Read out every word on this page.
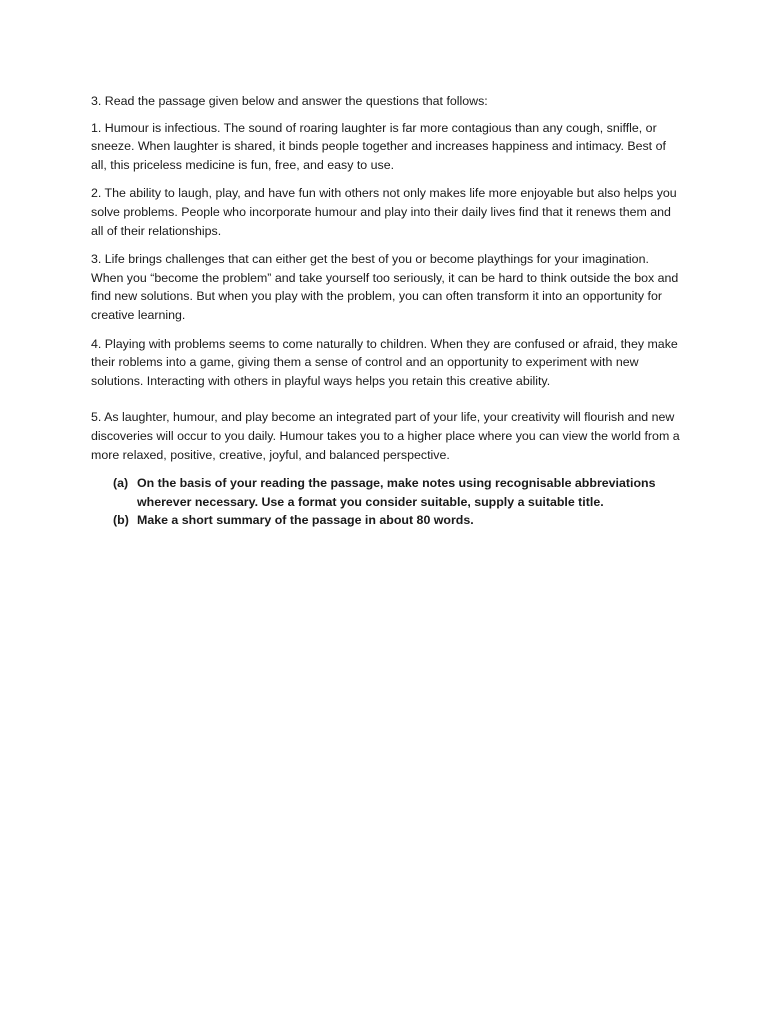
3. Read the passage given below and answer the questions that follows:

1. Humour is infectious. The sound of roaring laughter is far more contagious than any cough, sniffle, or sneeze. When laughter is shared, it binds people together and increases happiness and intimacy. Best of all, this priceless medicine is fun, free, and easy to use.

2. The ability to laugh, play, and have fun with others not only makes life more enjoyable but also helps you solve problems. People who incorporate humour and play into their daily lives find that it renews them and all of their relationships.

3. Life brings challenges that can either get the best of you or become playthings for your imagination. When you “become the problem” and take yourself too seriously, it can be hard to think outside the box and find new solutions. But when you play with the problem, you can often transform it into an opportunity for creative learning.

4. Playing with problems seems to come naturally to children. When they are confused or afraid, they make their roblems into a game, giving them a sense of control and an opportunity to experiment with new solutions. Interacting with others in playful ways helps you retain this creative ability.

5. As laughter, humour, and play become an integrated part of your life, your creativity will flourish and new discoveries will occur to you daily. Humour takes you to a higher place where you can view the world from a more relaxed, positive, creative, joyful, and balanced perspective.

(a) On the basis of your reading the passage, make notes using recognisable abbreviations wherever necessary. Use a format you consider suitable, supply a suitable title.
(b) Make a short summary of the passage in about 80 words.
